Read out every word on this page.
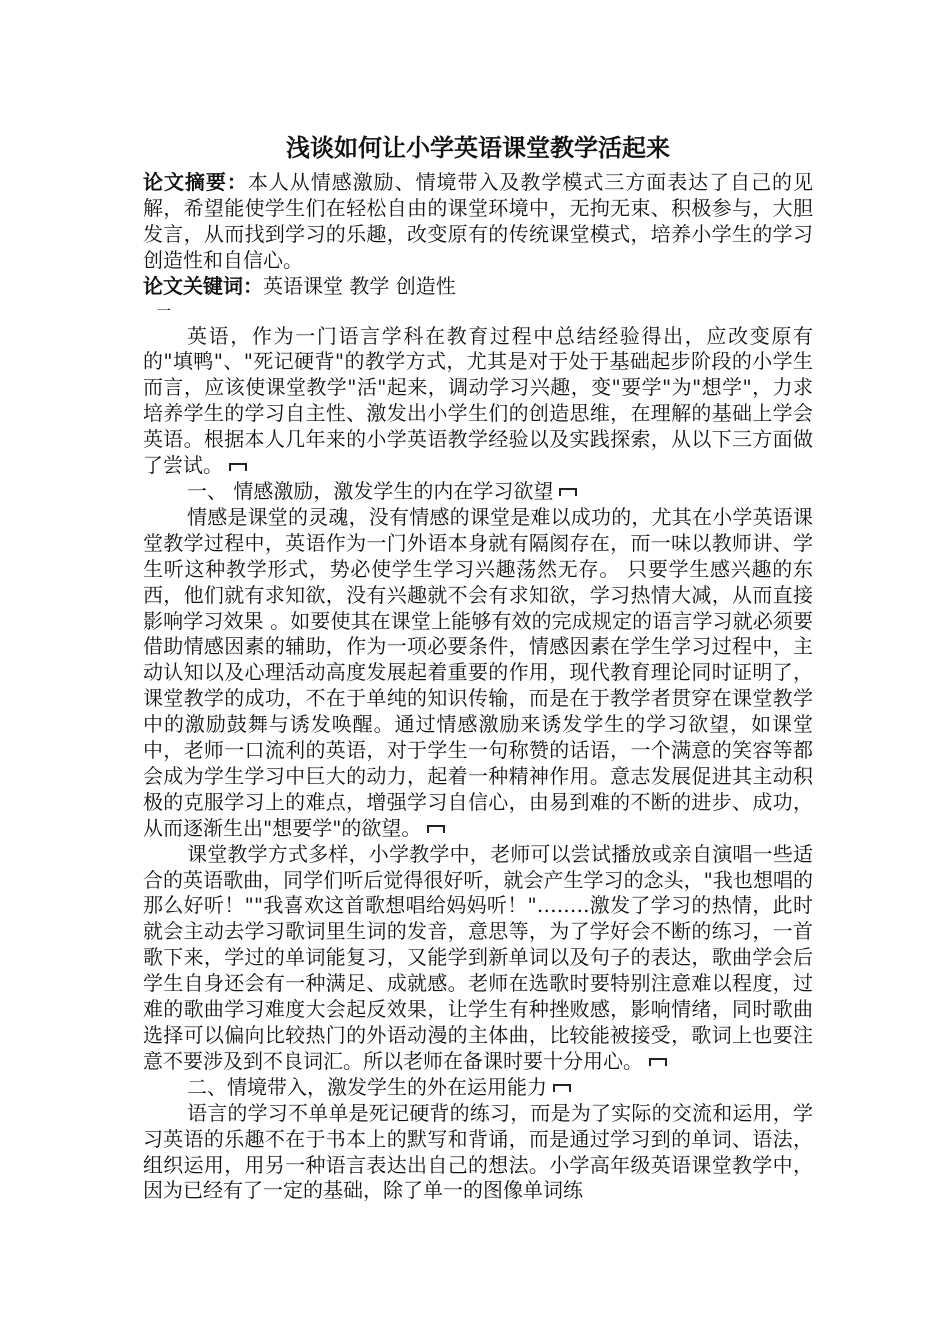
浅谈如何让小学英语课堂教学活起来

论文摘要：本人从情感激励、情境带入及教学模式三方面表达了自己的见解，希望能使学生们在轻松自由的课堂环境中，无拘无束、积极参与，大胆发言，从而找到学习的乐趣，改变原有的传统课堂模式，培养小学生的学习创造性和自信心。

论文关键词：英语课堂 教学 创造性

一

英语，作为一门语言学科在教育过程中总结经验得出，应改变原有的"填鸭"、"死记硬背"的教学方式，尤其是对于处于基础起步阶段的小学生而言，应该使课堂教学"活"起来，调动学习兴趣，变"要学"为"想学"，力求培养学生的学习自主性、激发出小学生们的创造思维，在理解的基础上学会英语。根据本人几年来的小学英语教学经验以及实践探索，从以下三方面做了尝试。

一、 情感激励，激发学生的内在学习欲望

情感是课堂的灵魂，没有情感的课堂是难以成功的，尤其在小学英语课堂教学过程中，英语作为一门外语本身就有隔阂存在，而一味以教师讲、学生听这种教学形式，势必使学生学习兴趣荡然无存。 只要学生感兴趣的东西，他们就有求知欲，没有兴趣就不会有求知欲，学习热情大减，从而直接影响学习效果 。如要使其在课堂上能够有效的完成规定的语言学习就必须要借助情感因素的辅助，作为一项必要条件，情感因素在学生学习过程中，主动认知以及心理活动高度发展起着重要的作用，现代教育理论同时证明了，课堂教学的成功，不在于单纯的知识传输，而是在于教学者贯穿在课堂教学中的激励鼓舞与诱发唤醒。通过情感激励来诱发学生的学习欲望，如课堂中，老师一口流利的英语，对于学生一句称赞的话语，一个满意的笑容等都会成为学生学习中巨大的动力，起着一种精神作用。意志发展促进其主动积极的克服学习上的难点，增强学习自信心，由易到难的不断的进步、成功，从而逐渐生出"想要学"的欲望。

课堂教学方式多样，小学教学中，老师可以尝试播放或亲自演唱一些适合的英语歌曲，同学们听后觉得很好听，就会产生学习的念头，"我也想唱的那么好听！""我喜欢这首歌想唱给妈妈听！"….….激发了学习的热情，此时就会主动去学习歌词里生词的发音，意思等，为了学好会不断的练习，一首歌下来，学过的单词能复习，又能学到新单词以及句子的表达，歌曲学会后学生自身还会有一种满足、成就感。老师在选歌时要特别注意难以程度，过难的歌曲学习难度大会起反效果，让学生有种挫败感，影响情绪，同时歌曲选择可以偏向比较热门的外语动漫的主体曲，比较能被接受，歌词上也要注意不要涉及到不良词汇。所以老师在备课时要十分用心。

二、情境带入，激发学生的外在运用能力

语言的学习不单单是死记硬背的练习，而是为了实际的交流和运用，学习英语的乐趣不在于书本上的默写和背诵，而是通过学习到的单词、语法，组织运用，用另一种语言表达出自己的想法。小学高年级英语课堂教学中，因为已经有了一定的基础，除了单一的图像单词练
